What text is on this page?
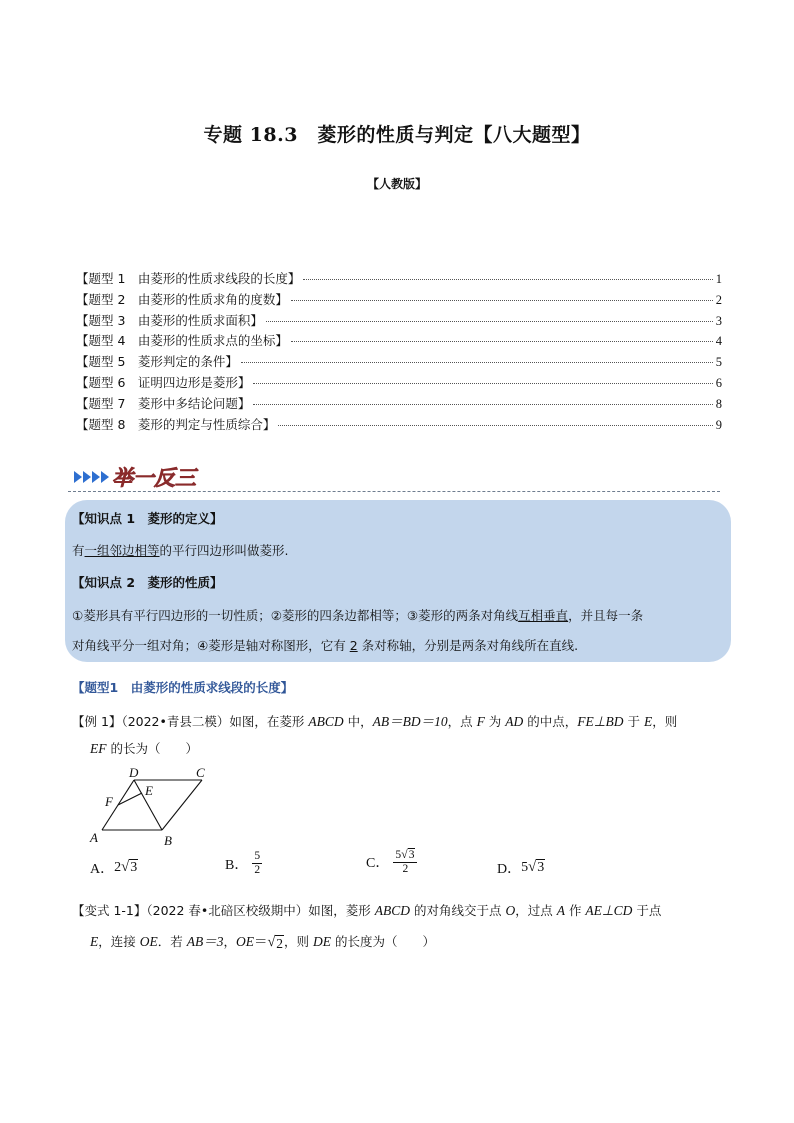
专题 18.3　菱形的性质与判定【八大题型】
【人教版】
【题型 1　由菱形的性质求线段的长度】	1
【题型 2　由菱形的性质求角的度数】	2
【题型 3　由菱形的性质求面积】	3
【题型 4　由菱形的性质求点的坐标】	4
【题型 5　菱形判定的条件】	5
【题型 6　证明四边形是菱形】	6
【题型 7　菱形中多结论问题】	8
【题型 8　菱形的判定与性质综合】	9
举一反三
【知识点 1　菱形的定义】
有一组邻边相等的平行四边形叫做菱形.
【知识点 2　菱形的性质】
①菱形具有平行四边形的一切性质；②菱形的四条边都相等；③菱形的两条对角线互相垂直，并且每一条
对角线平分一组对角；④菱形是轴对称图形，它有 2 条对称轴，分别是两条对角线所在直线.
【题型1　由菱形的性质求线段的长度】
【例 1】（2022•青县二模）如图，在菱形 ABCD 中，AB＝BD＝10，点 F 为 AD 的中点，FE⊥BD 于 E，则
EF 的长为（　　）
A	B
C
D
E
F
A． 2 √ 3	B． $\frac{5}{2}$	C． $\frac{5 √ 3}{2}$	D． 5 √ 3
【变式 1-1】（2022 春•北碚区校级期中）如图，菱形 ABCD 的对角线交于点 O，过点 A 作 AE⊥CD 于点
E，连接 OE．若 AB＝3，OE＝ √ 2 ，则 DE 的长度为（　　）
